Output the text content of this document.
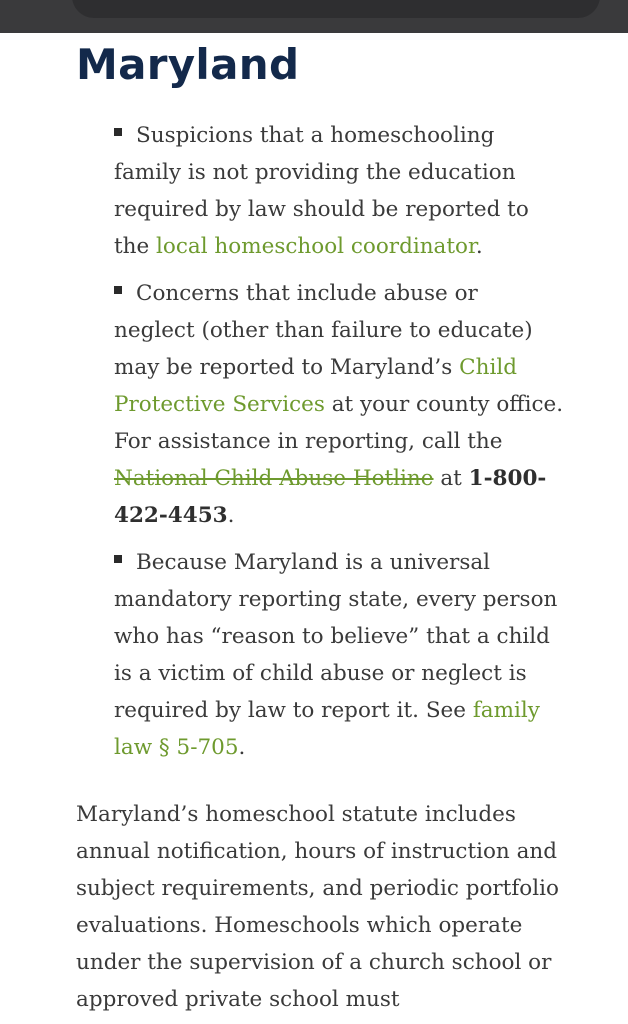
Maryland
Suspicions that a homeschooling family is not providing the education required by law should be reported to the local homeschool coordinator.
Concerns that include abuse or neglect (other than failure to educate) may be reported to Maryland’s Child Protective Services at your county office. For assistance in reporting, call the National Child Abuse Hotline at 1-800-422-4453.
Because Maryland is a universal mandatory reporting state, every person who has “reason to believe” that a child is a victim of child abuse or neglect is required by law to report it. See family law § 5-705.

Maryland’s homeschool statute includes annual notification, hours of instruction and subject requirements, and periodic portfolio evaluations. Homeschools which operate under the supervision of a church school or approved private school must
